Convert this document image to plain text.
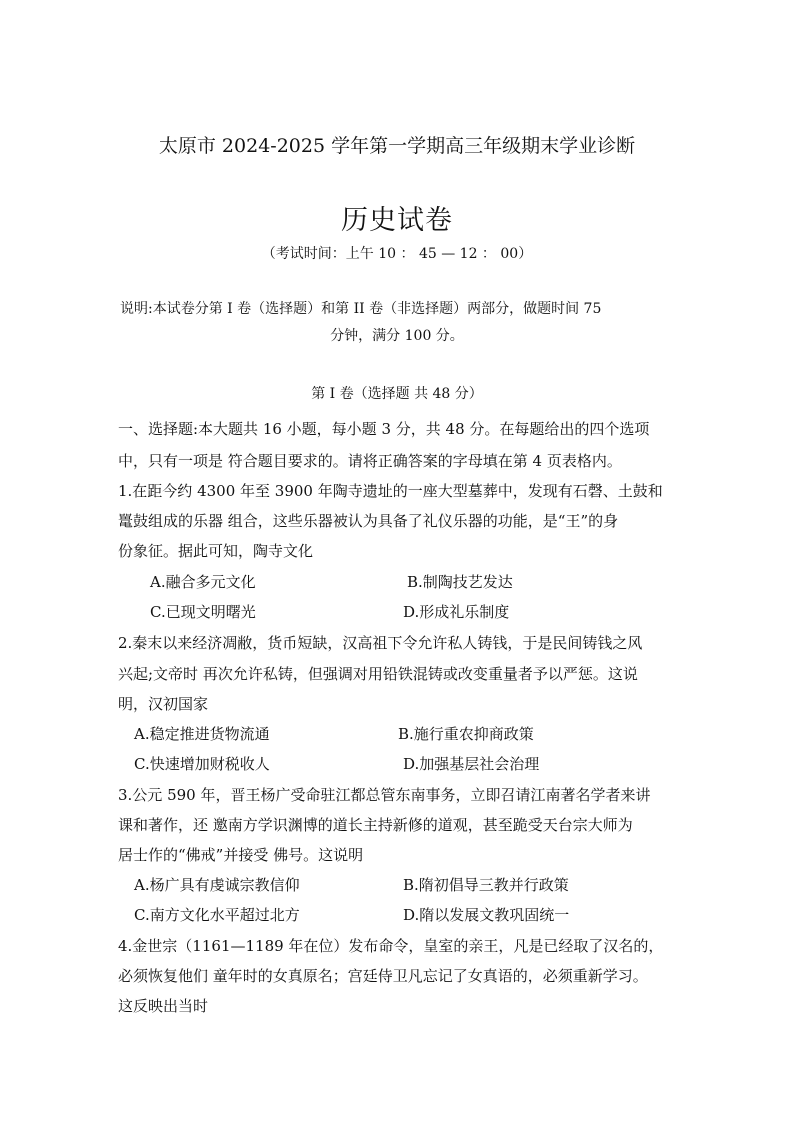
太原市 2024-2025 学年第一学期高三年级期末学业诊断
历史试卷
（考试时间：上午 10 ： 45 — 12 ： 00）
说明:本试卷分第 I 卷（选择题）和第 II 卷（非选择题）两部分，做题时间 75
分钟，满分 100 分。
第 I 卷（选择题 共 48 分）
一、选择题:本大题共 16 小题，每小题 3 分，共 48 分。在每题给出的四个选项
中，只有一项是 符合题目要求的。请将正确答案的字母填在第 4 页表格内。
1.在距今约 4300 年至 3900 年陶寺遗址的一座大型墓葬中，发现有石磬、土鼓和
鼍鼓组成的乐器 组合，这些乐器被认为具备了礼仪乐器的功能，是“王”的身
份象征。据此可知，陶寺文化
A.融合多元文化	B.制陶技艺发达
C.已现文明曙光	D.形成礼乐制度
2.秦末以来经济凋敝，货币短缺，汉高祖下令允许私人铸钱，于是民间铸钱之风
兴起;文帝时 再次允许私铸，但强调对用铅铁混铸或改变重量者予以严惩。这说
明，汉初国家
A.稳定推进货物流通	B.施行重农抑商政策
C.快速增加财税收人	D.加强基层社会治理
3.公元 590 年，晋王杨广受命驻江都总管东南事务，立即召请江南著名学者来讲
课和著作，还 邀南方学识渊博的道长主持新修的道观，甚至跪受天台宗大师为
居士作的“佛戒”并接受 佛号。这说明
A.杨广具有虔诚宗教信仰	B.隋初倡导三教并行政策
C.南方文化水平超过北方	D.隋以发展文教巩固统一
4.金世宗（1161—1189 年在位）发布命令，皇室的亲王，凡是已经取了汉名的，
必须恢复他们 童年时的女真原名；宫廷侍卫凡忘记了女真语的，必须重新学习。
这反映出当时
